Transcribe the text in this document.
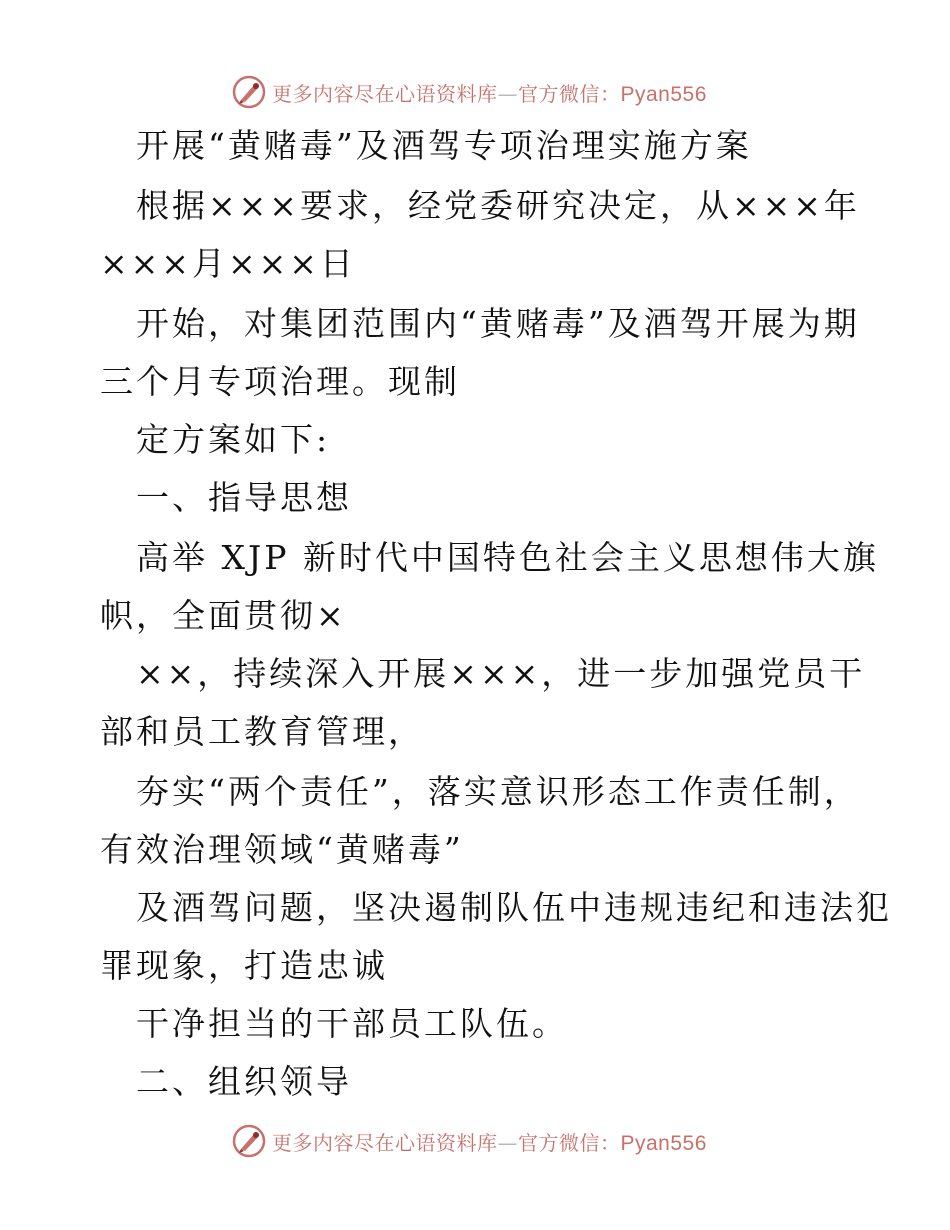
更多内容尽在心语资料库—官方微信：Pyan556
开展“黄赌毒”及酒驾专项治理实施方案
根据×××要求，经党委研究决定，从×××年
×××月×××日
开始，对集团范围内“黄赌毒”及酒驾开展为期
三个月专项治理。现制
定方案如下:
一、指导思想
高举 XJP 新时代中国特色社会主义思想伟大旗
帜，全面贯彻×
××，持续深入开展×××，进一步加强党员干
部和员工教育管理，
夯实“两个责任”，落实意识形态工作责任制，
有效治理领域“黄赌毒”
及酒驾问题，坚决遏制队伍中违规违纪和违法犯
罪现象，打造忠诚
干净担当的干部员工队伍。
二、组织领导
更多内容尽在心语资料库—官方微信：Pyan556
